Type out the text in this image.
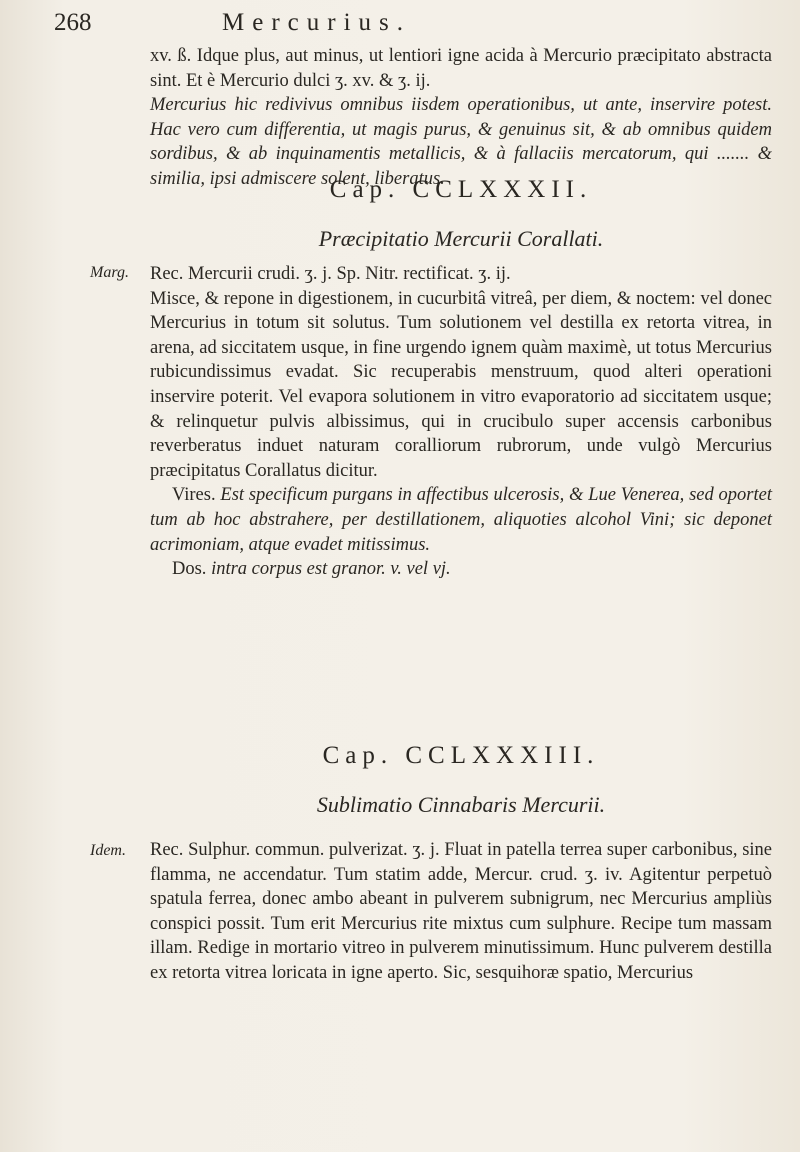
268	Mercurius.

xv. ß. Idque plus, aut minus, ut lentiori igne acida à Mercurio præcipitato abstracta sint. Et è Mercurio dulci ʒ. xv. & ʒ. ij.

Mercurius hic redivivus omnibus iisdem operationibus, ut ante, inservire potest. Hac vero cum differentia, ut magis purus, & genuinus sit, & ab omnibus quidem sordibus, & ab inquinamentis metallicis, & à fallaciis mercatorum, qui ....... & similia, ipsi admiscere solent, liberatus.

Cap. CCLXXXII.
Præcipitatio Mercurii Corallati.
Marg. Rec. Mercurii crudi. ʒ. j. Sp. Nitr. rectificat. ʒ. ij.

Misce, & repone in digestionem, in cucurbitâ vitreâ, per diem, & noctem: vel donec Mercurius in totum sit solutus. Tum solutionem vel destilla ex retorta vitrea, in arena, ad siccitatem usque, in fine urgendo ignem quàm maximè, ut totus Mercurius rubicundissimus evadat. Sic recuperabis menstruum, quod alteri operationi inservire poterit. Vel evapora solutionem in vitro evaporatorio ad siccitatem usque; & relinquetur pulvis albissimus, qui in crucibulo super accensis carbonibus reverberatus induet naturam coralliorum rubrorum, unde vulgò Mercurius præcipitatus Corallatus dicitur.

Vires. Est specificum purgans in affectibus ulcerosis, & Lue Venerea, sed oportet tum ab hoc abstrahere, per destillationem, aliquoties alcohol Vini; sic deponet acrimoniam, atque evadet mitissimus.

Dos. intra corpus est granor. v. vel vj.

Cap. CCLXXXIII.
Sublimatio Cinnabaris Mercurii.
Idem. Rec. Sulphur. commun. pulverizat. ʒ. j. Fluat in patella terrea super carbonibus, sine flamma, ne accendatur. Tum statim adde, Mercur. crud. ʒ. iv. Agitentur perpetuò spatula ferrea, donec ambo abeant in pulverem subnigrum, nec Mercurius ampliùs conspici possit. Tum erit Mercurius rite mixtus cum sulphure. Recipe tum massam illam. Redige in mortario vitreo in pulverem minutissimum. Hunc pulverem destilla ex retorta vitrea loricata in igne aperto. Sic, sesquihoræ spatio, Mercurius
